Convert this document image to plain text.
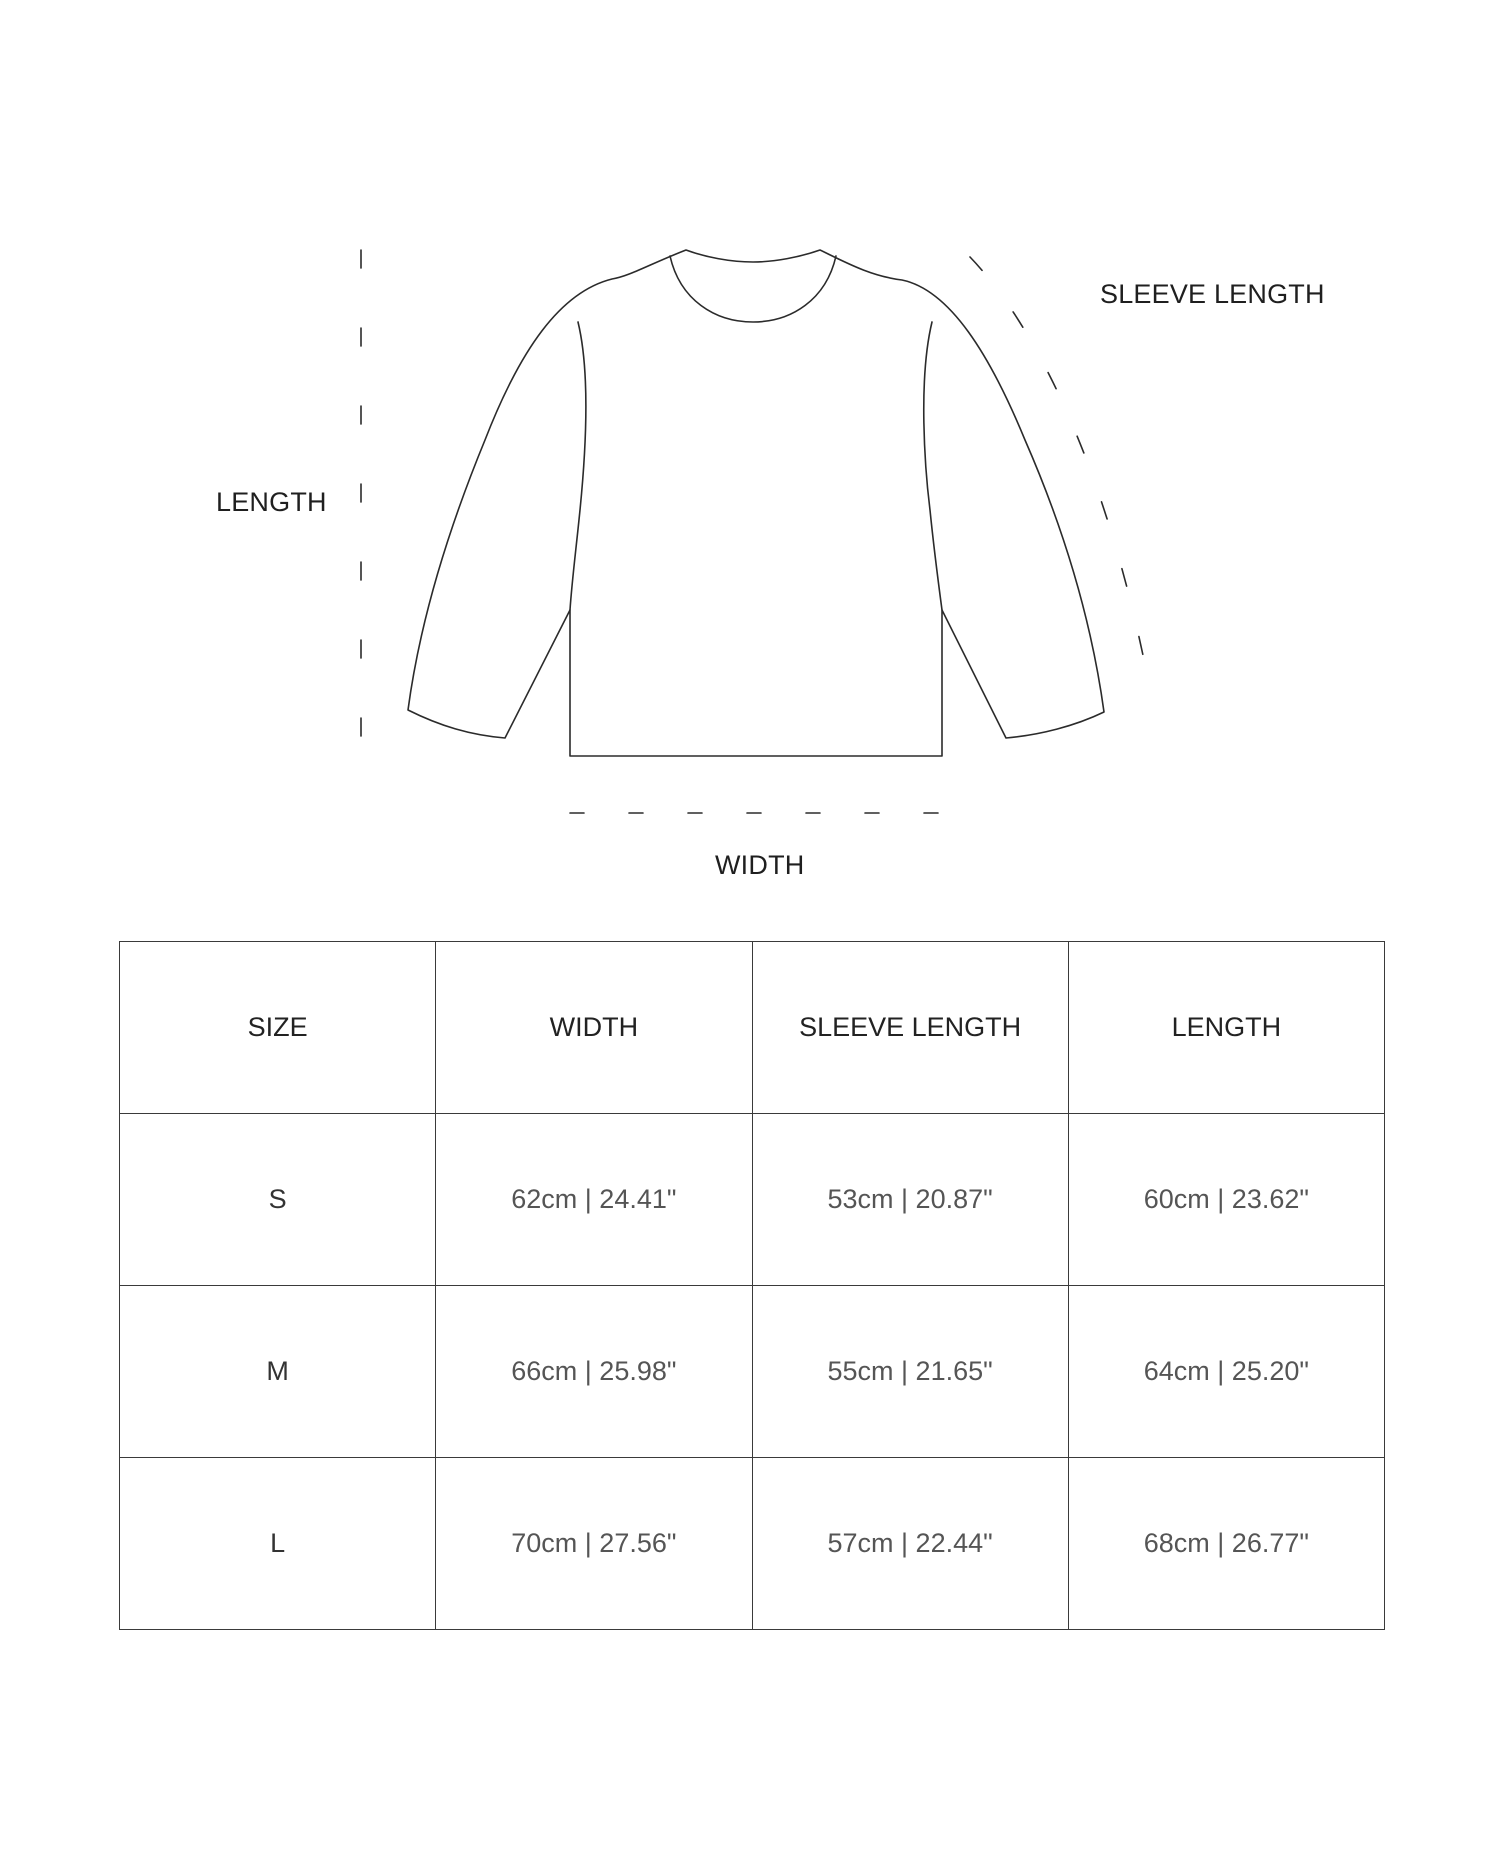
SLEEVE LENGTH
LENGTH
WIDTH
SIZE	WIDTH	SLEEVE LENGTH	LENGTH
S	62cm | 24.41"	53cm | 20.87"	60cm | 23.62"
M	66cm | 25.98"	55cm | 21.65"	64cm | 25.20"
L	70cm | 27.56"	57cm | 22.44"	68cm | 26.77"
